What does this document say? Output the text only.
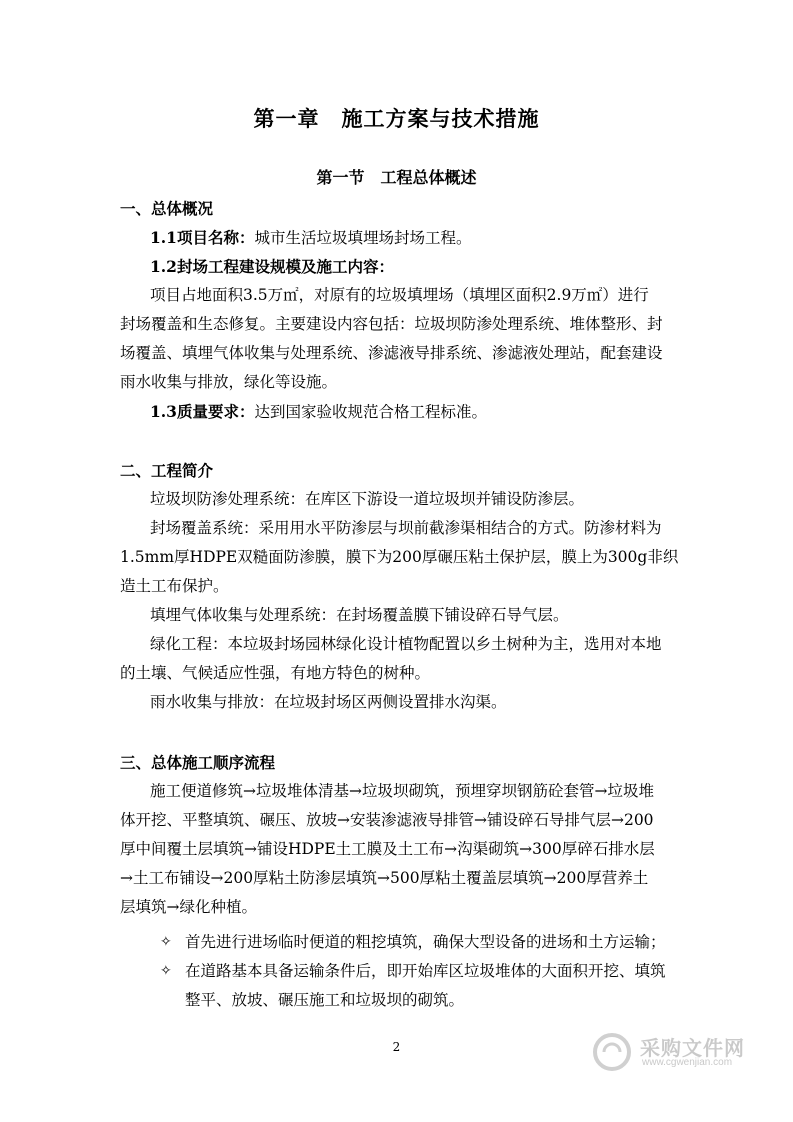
第一章　施工方案与技术措施
第一节　工程总体概述
一、总体概况
1.1项目名称：城市生活垃圾填埋场封场工程。
1.2封场工程建设规模及施工内容：
项目占地面积3.5万㎡，对原有的垃圾填埋场（填埋区面积2.9万㎡）进行
封场覆盖和生态修复。主要建设内容包括：垃圾坝防渗处理系统、堆体整形、封
场覆盖、填埋气体收集与处理系统、渗滤液导排系统、渗滤液处理站，配套建设
雨水收集与排放，绿化等设施。
1.3质量要求：达到国家验收规范合格工程标准。
二、工程简介
垃圾坝防渗处理系统：在库区下游设一道垃圾坝并铺设防渗层。
封场覆盖系统：采用用水平防渗层与坝前截渗渠相结合的方式。防渗材料为
1.5mm厚HDPE双糙面防渗膜，膜下为200厚碾压粘土保护层，膜上为300g非织
造土工布保护。
填埋气体收集与处理系统：在封场覆盖膜下铺设碎石导气层。
绿化工程：本垃圾封场园林绿化设计植物配置以乡土树种为主，选用对本地
的土壤、气候适应性强，有地方特色的树种。
雨水收集与排放：在垃圾封场区两侧设置排水沟渠。
三、总体施工顺序流程
施工便道修筑→垃圾堆体清基→垃圾坝砌筑，预埋穿坝钢筋砼套管→垃圾堆
体开挖、平整填筑、碾压、放坡→安装渗滤液导排管→铺设碎石导排气层→200
厚中间覆土层填筑→铺设HDPE土工膜及土工布→沟渠砌筑→300厚碎石排水层
→土工布铺设→200厚粘土防渗层填筑→500厚粘土覆盖层填筑→200厚营养土
层填筑→绿化种植。
✧ 首先进行进场临时便道的粗挖填筑，确保大型设备的进场和土方运输；
✧ 在道路基本具备运输条件后，即开始库区垃圾堆体的大面积开挖、填筑
整平、放坡、碾压施工和垃圾坝的砌筑。
2	采购文件网
www.cgwenjian.com
